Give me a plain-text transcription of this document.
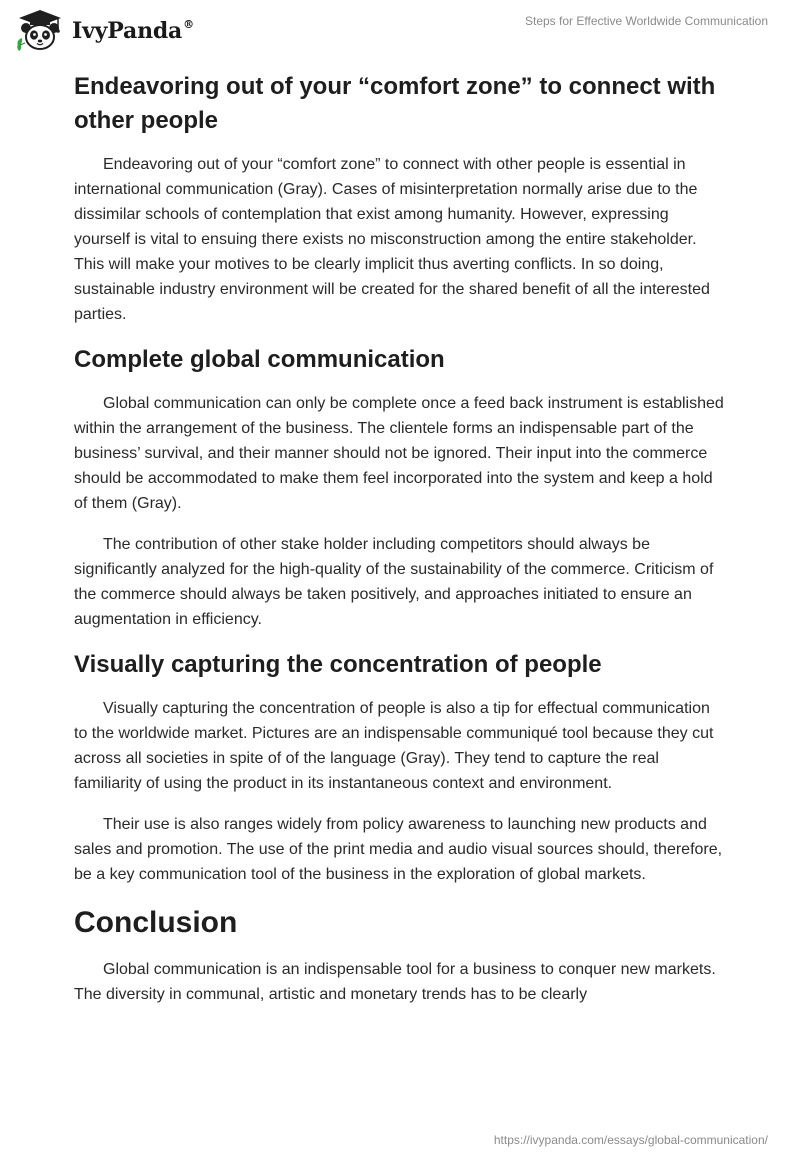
IvyPanda®	Steps for Effective Worldwide Communication
Endeavoring out of your “comfort zone” to connect with other people

Endeavoring out of your “comfort zone” to connect with other people is essential in international communication (Gray). Cases of misinterpretation normally arise due to the dissimilar schools of contemplation that exist among humanity. However, expressing yourself is vital to ensuing there exists no misconstruction among the entire stakeholder. This will make your motives to be clearly implicit thus averting conflicts. In so doing, sustainable industry environment will be created for the shared benefit of all the interested parties.

Complete global communication

Global communication can only be complete once a feed back instrument is established within the arrangement of the business. The clientele forms an indispensable part of the business’ survival, and their manner should not be ignored. Their input into the commerce should be accommodated to make them feel incorporated into the system and keep a hold of them (Gray).

The contribution of other stake holder including competitors should always be significantly analyzed for the high-quality of the sustainability of the commerce. Criticism of the commerce should always be taken positively, and approaches initiated to ensure an augmentation in efficiency.

Visually capturing the concentration of people

Visually capturing the concentration of people is also a tip for effectual communication to the worldwide market. Pictures are an indispensable communiqué tool because they cut across all societies in spite of of the language (Gray). They tend to capture the real familiarity of using the product in its instantaneous context and environment.

Their use is also ranges widely from policy awareness to launching new products and sales and promotion. The use of the print media and audio visual sources should, therefore, be a key communication tool of the business in the exploration of global markets.

Conclusion

Global communication is an indispensable tool for a business to conquer new markets. The diversity in communal, artistic and monetary trends has to be clearly

https://ivypanda.com/essays/global-communication/
